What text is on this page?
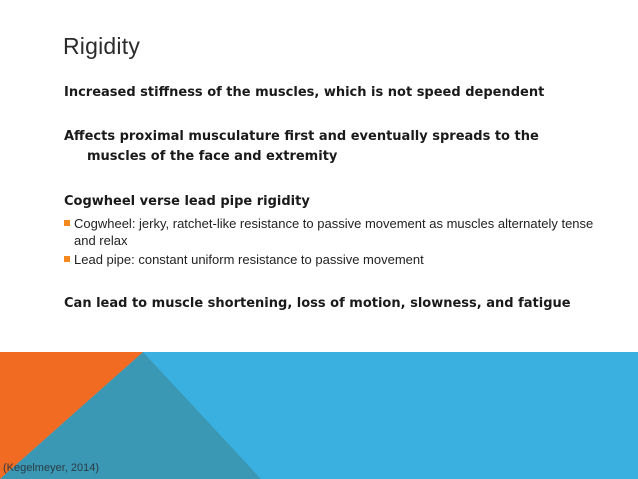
Rigidity
Increased stiffness of the muscles, which is not speed dependent
Affects proximal musculature first and eventually spreads to the
muscles of the face and extremity
Cogwheel verse lead pipe rigidity
Cogwheel: jerky, ratchet-like resistance to passive movement as muscles alternately tense and relax
Lead pipe: constant uniform resistance to passive movement
Can lead to muscle shortening, loss of motion, slowness, and fatigue
(Kegelmeyer, 2014)
